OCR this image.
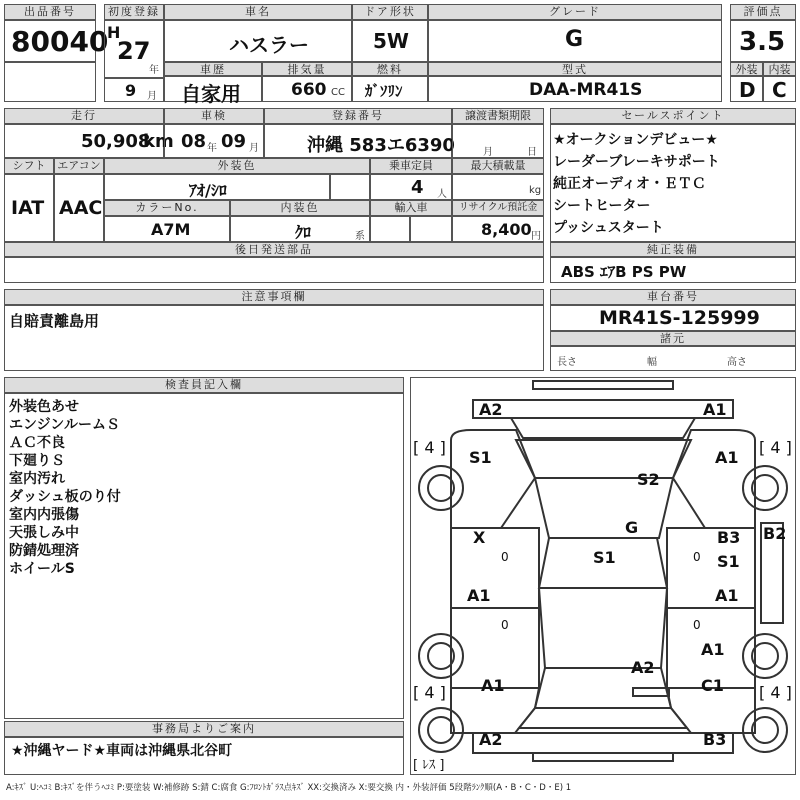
出品番号
80040
初度登録
H
27
年
9 月
車名
ハスラー
ドア形状
5W
グレード
G
評価点
3.5
車歴
自家用
排気量
660 CC
燃料
ｶﾞｿﾘﾝ
型式
DAA-MR41S
外装	内装
D C
走行
50,908
km
車検
08 年 09 月
登録番号
沖縄 583エ6390
譲渡書類期限
月	日
シフト	エアコン
IAT AAC
外装色
ｱｵ/ｼﾛ
乗車定員
4 人
最大積載量
kg
カラーNo.
A7M
内装色
ｸﾛ	系
輸入車	リサイクル預託金
8,400 円
後日発送部品
セールスポイント
★オークションデビュー★
レーダーブレーキサポート
純正オーディオ・ＥＴＣ
シートヒーター
プッシュスタート
純正装備
ABS ｴｱB PS PW
注意事項欄
自賠責離島用
車台番号
MR41S-125999
諸元
長さ	幅	高さ
検査員記入欄
外装色あせ
エンジンルームＳ
ＡＣ不良
下廻りＳ
室内汚れ
ダッシュ板のり付
室内内張傷
天張しみ中
防錆処理済
ホイールS
事務局よりご案内
★沖縄ヤード★車両は沖縄県北谷町
[ 4 ]	[ 4 ]
[ 4 ]	[ 4 ]
[ ﾚｽ ]
A2	A1
S1	A1
S2
G
S1
X	B3
S1
B2
0	0
A1	A1
0	0
A1
A2
A1	C1
A2	B3
A:ｷｽﾞ U:ﾍｺﾐ B:ｷｽﾞを伴うﾍｺﾐ P:要塗装 W:補修跡 S:錆 C:腐食 G:ﾌﾛﾝﾄｶﾞﾗｽ点ｷｽﾞ XX:交換済み X:要交換 内・外装評価 5段階ﾗﾝｸ順(A・B・C・D・E) 1
